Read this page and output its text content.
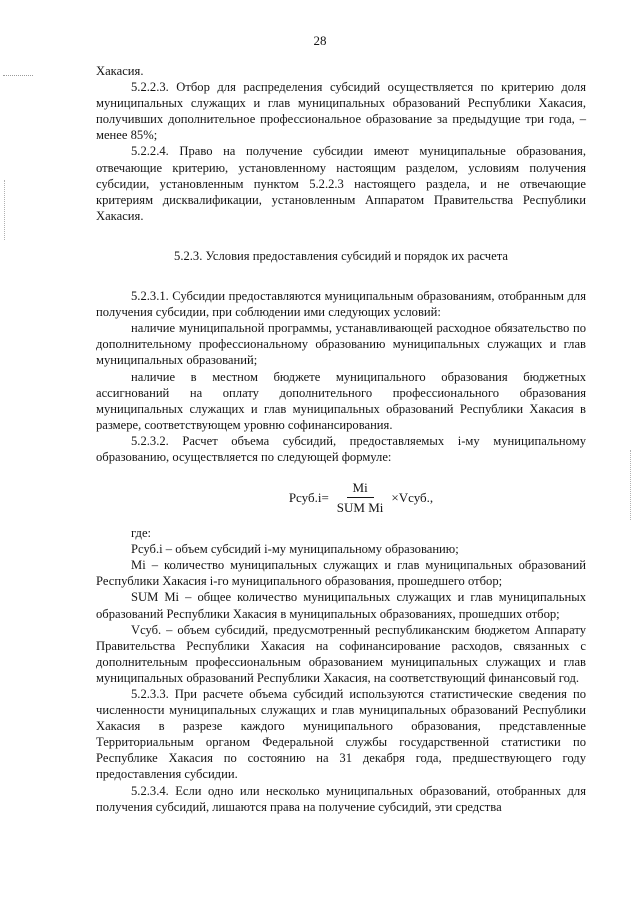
28

Хакасия.

5.2.2.3. Отбор для распределения субсидий осуществляется по критерию доля муниципальных служащих и глав муниципальных образований Республики Хакасия, получивших дополнительное профессиональное образование за предыдущие три года, – менее 85%;

5.2.2.4. Право на получение субсидии имеют муниципальные образования, отвечающие критерию, установленному настоящим разделом, условиям получения субсидии, установленным пунктом 5.2.2.3 настоящего раздела, и не отвечающие критериям дисквалификации, установленным Аппаратом Правительства Республики Хакасия.

5.2.3. Условия предоставления субсидий и порядок их расчета

5.2.3.1. Субсидии предоставляются муниципальным образованиям, отобранным для получения субсидии, при соблюдении ими следующих условий:

наличие муниципальной программы, устанавливающей расходное обязательство по дополнительному профессиональному образованию муниципальных служащих и глав муниципальных образований;

наличие в местном бюджете муниципального образования бюджетных ассигнований на оплату дополнительного профессионального образования муниципальных служащих и глав муниципальных образований Республики Хакасия в размере, соответствующем уровню софинансирования.

5.2.3.2. Расчет объема субсидий, предоставляемых i-му муниципальному образованию, осуществляется по следующей формуле:

Рсуб.i= $\frac{Mi}{\text{SUM Mi}}$ ×Vсуб.,

где:

Рсуб.i – объем субсидий i-му муниципальному образованию;

Mi – количество муниципальных служащих и глав муниципальных образований Республики Хакасия i-го муниципального образования, прошедшего отбор;

SUM Mi – общее количество муниципальных служащих и глав муниципальных образований Республики Хакасия в муниципальных образованиях, прошедших отбор;

Vсуб. – объем субсидий, предусмотренный республиканским бюджетом Аппарату Правительства Республики Хакасия на софинансирование расходов, связанных с дополнительным профессиональным образованием муниципальных служащих и глав муниципальных образований Республики Хакасия, на соответствующий финансовый год.

5.2.3.3. При расчете объема субсидий используются статистические сведения по численности муниципальных служащих и глав муниципальных образований Республики Хакасия в разрезе каждого муниципального образования, представленные Территориальным органом Федеральной службы государственной статистики по Республике Хакасия по состоянию на 31 декабря года, предшествующего году предоставления субсидии.

5.2.3.4. Если одно или несколько муниципальных образований, отобранных для получения субсидий, лишаются права на получение субсидий, эти средства
